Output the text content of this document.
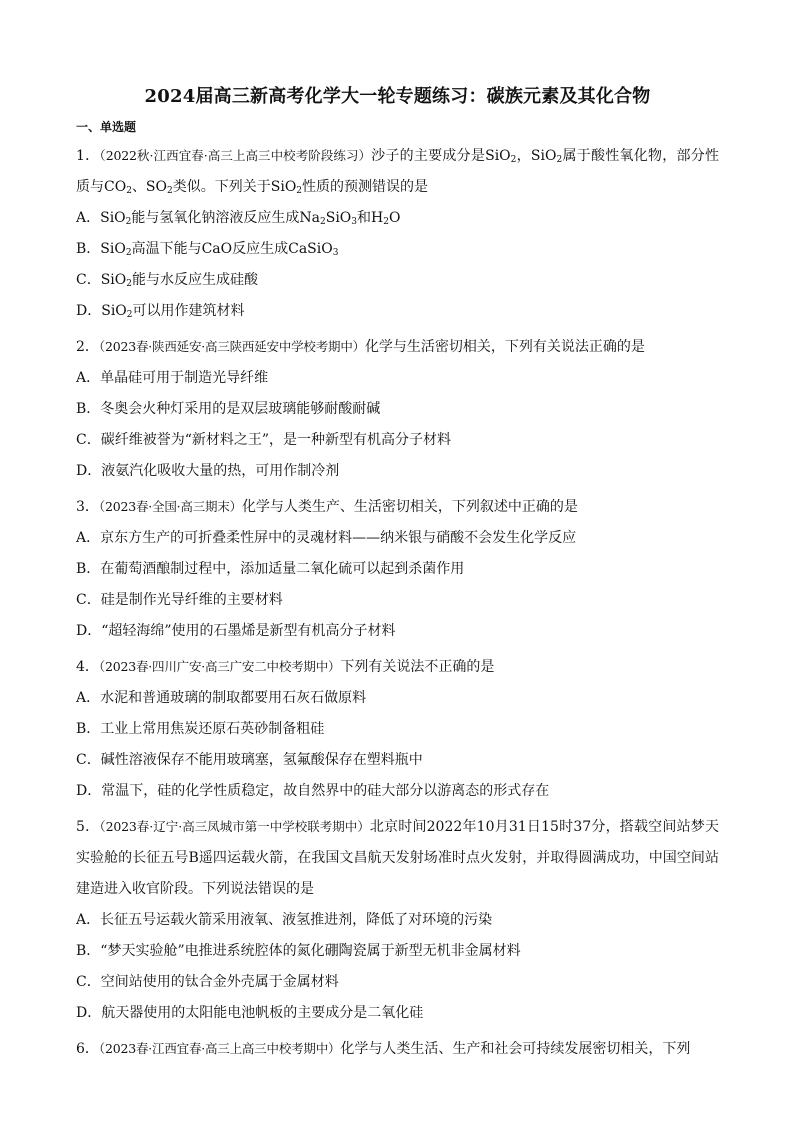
2024届高三新高考化学大一轮专题练习：碳族元素及其化合物
一、单选题
1．（2022秋·江西宜春·高三上高三中校考阶段练习）沙子的主要成分是SiO$_2$，SiO$_2$属于酸性氧化物，部分性质与$CO_2$、$SO_2$类似。下列关于SiO$_2$性质的预测错误的是
A．SiO$_2$能与氢氧化钠溶液反应生成$Na_2SiO_3$和$H_2O$
B．SiO$_2$高温下能与CaO反应生成CaSiO$_3$
C．SiO$_2$能与水反应生成硅酸
D．SiO$_2$可以用作建筑材料
2．（2023春·陕西延安·高三陕西延安中学校考期中）化学与生活密切相关，下列有关说法正确的是
A．单晶硅可用于制造光导纤维
B．冬奥会火种灯采用的是双层玻璃能够耐酸耐碱
C．碳纤维被誉为“新材料之王”，是一种新型有机高分子材料
D．液氨汽化吸收大量的热，可用作制冷剂
3．（2023春·全国·高三期末）化学与人类生产、生活密切相关，下列叙述中正确的是
A．京东方生产的可折叠柔性屏中的灵魂材料——纳米银与硝酸不会发生化学反应
B．在葡萄酒酿制过程中，添加适量二氧化硫可以起到杀菌作用
C．硅是制作光导纤维的主要材料
D．“超轻海绵”使用的石墨烯是新型有机高分子材料
4．（2023春·四川广安·高三广安二中校考期中）下列有关说法不正确的是
A．水泥和普通玻璃的制取都要用石灰石做原料
B．工业上常用焦炭还原石英砂制备粗硅
C．碱性溶液保存不能用玻璃塞，氢氟酸保存在塑料瓶中
D．常温下，硅的化学性质稳定，故自然界中的硅大部分以游离态的形式存在
5．（2023春·辽宁·高三凤城市第一中学校联考期中）北京时间2022年10月31日15时37分，搭载空间站梦天实验舱的长征五号B遥四运载火箭，在我国文昌航天发射场准时点火发射，并取得圆满成功，中国空间站建造进入收官阶段。下列说法错误的是
A．长征五号运载火箭采用液氧、液氢推进剂，降低了对环境的污染
B．“梦天实验舱”电推进系统腔体的氮化硼陶瓷属于新型无机非金属材料
C．空间站使用的钛合金外壳属于金属材料
D．航天器使用的太阳能电池帆板的主要成分是二氧化硅
6．（2023春·江西宜春·高三上高三中校考期中）化学与人类生活、生产和社会可持续发展密切相关，下列
